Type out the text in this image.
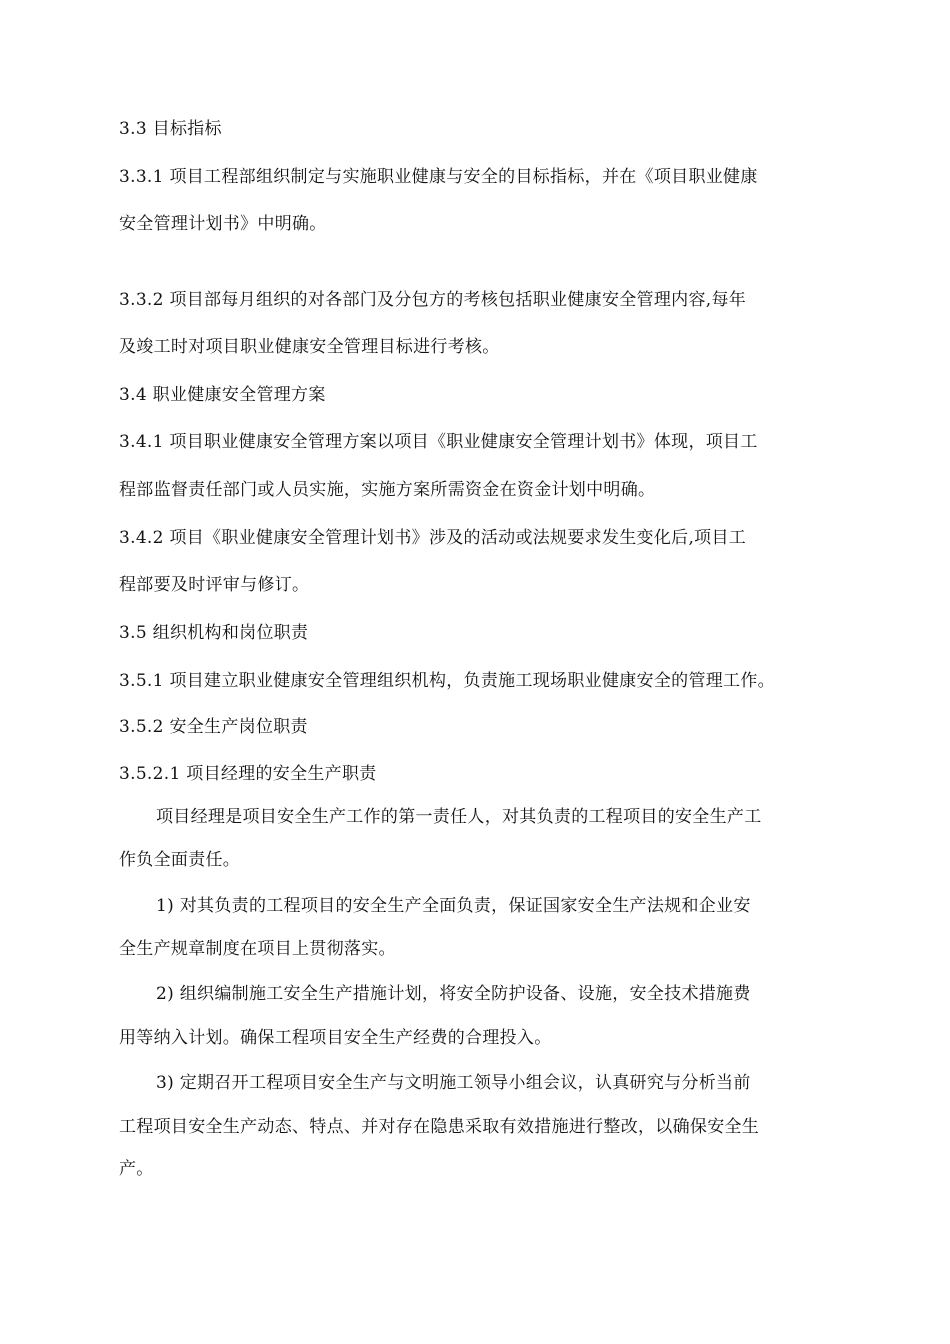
3.3 目标指标
3.3.1 项目工程部组织制定与实施职业健康与安全的目标指标，并在《项目职业健康
安全管理计划书》中明确。
3.3.2 项目部每月组织的对各部门及分包方的考核包括职业健康安全管理内容,每年
及竣工时对项目职业健康安全管理目标进行考核。
3.4 职业健康安全管理方案
3.4.1 项目职业健康安全管理方案以项目《职业健康安全管理计划书》体现，项目工
程部监督责任部门或人员实施，实施方案所需资金在资金计划中明确。
3.4.2 项目《职业健康安全管理计划书》涉及的活动或法规要求发生变化后,项目工
程部要及时评审与修订。
3.5 组织机构和岗位职责
3.5.1 项目建立职业健康安全管理组织机构，负责施工现场职业健康安全的管理工作。
3.5.2 安全生产岗位职责
3.5.2.1 项目经理的安全生产职责
项目经理是项目安全生产工作的第一责任人，对其负责的工程项目的安全生产工
作负全面责任。
1) 对其负责的工程项目的安全生产全面负责，保证国家安全生产法规和企业安
全生产规章制度在项目上贯彻落实。
2) 组织编制施工安全生产措施计划，将安全防护设备、设施，安全技术措施费
用等纳入计划。确保工程项目安全生产经费的合理投入。
3) 定期召开工程项目安全生产与文明施工领导小组会议，认真研究与分析当前
工程项目安全生产动态、特点、并对存在隐患采取有效措施进行整改，以确保安全生
产。
